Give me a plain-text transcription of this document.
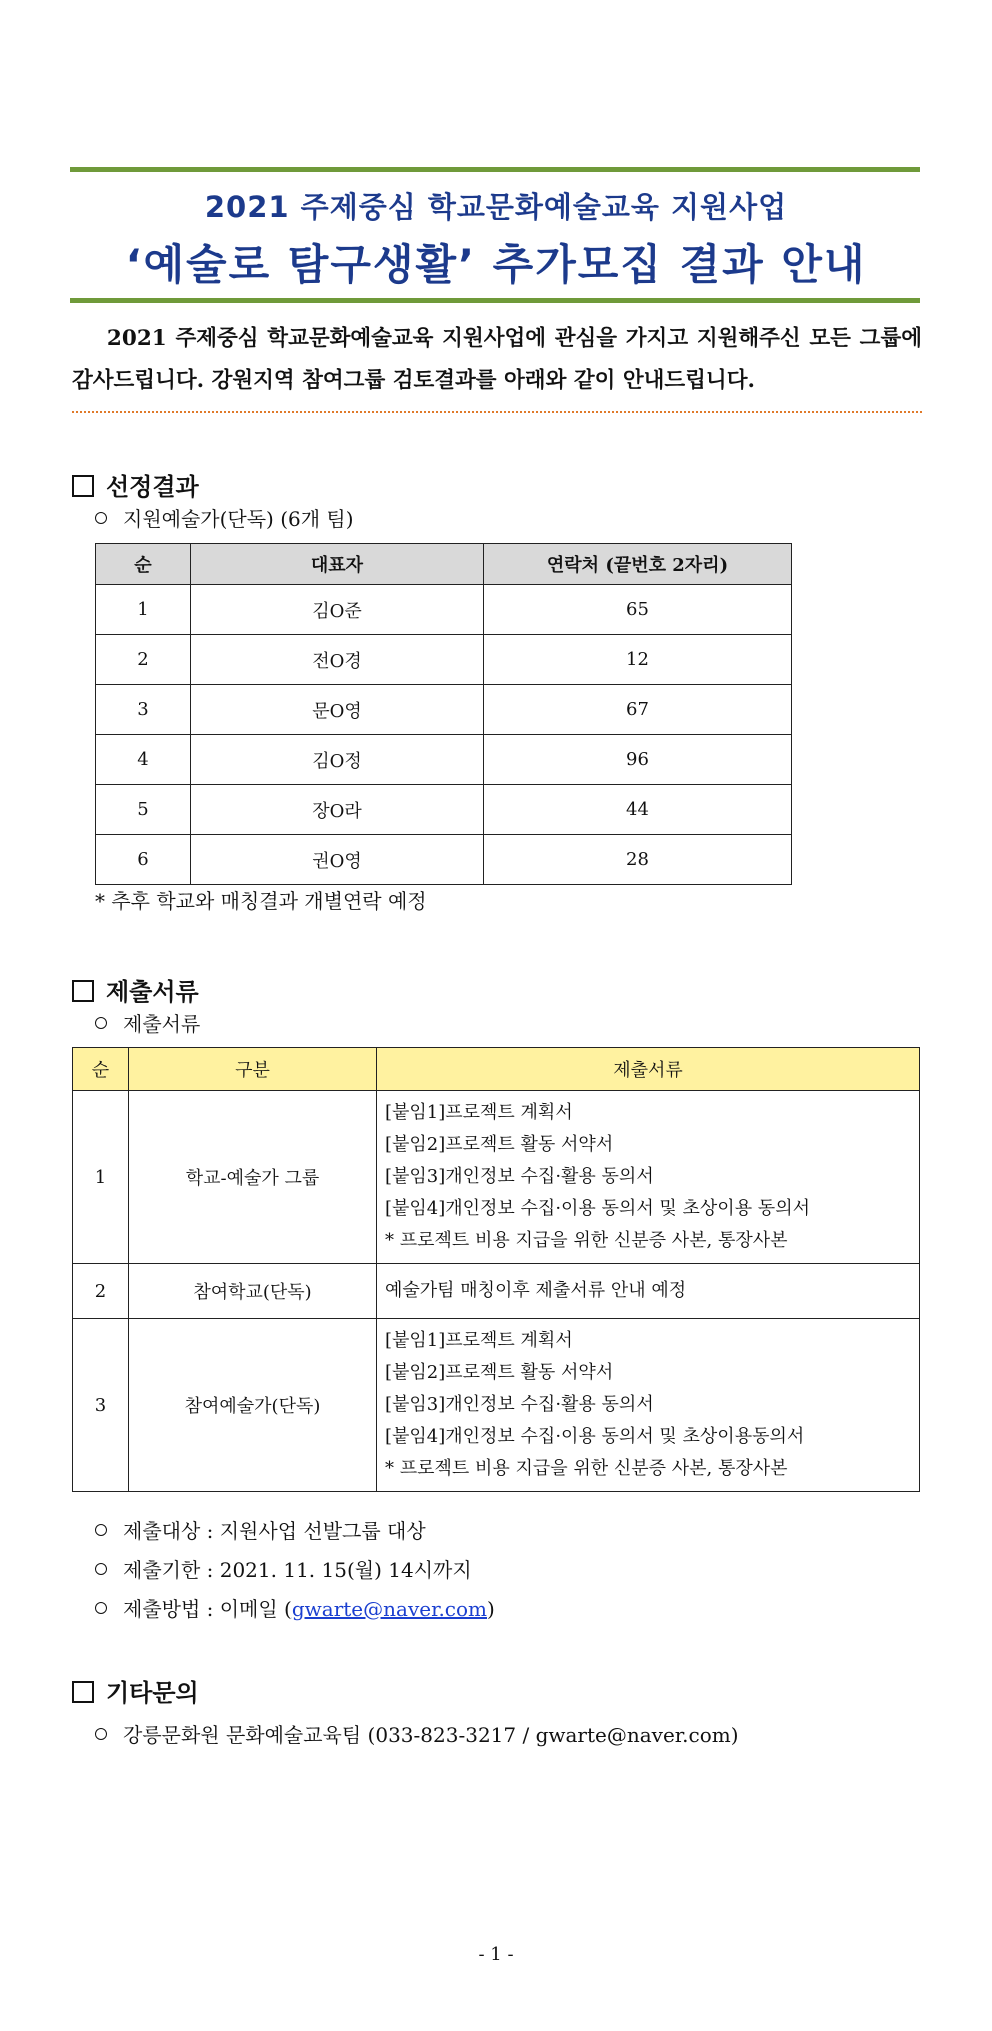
2021 주제중심 학교문화예술교육 지원사업
‘예술로 탐구생활’ 추가모집 결과 안내
2021 주제중심 학교문화예술교육 지원사업에 관심을 가지고 지원해주신 모든 그룹에 감사드립니다. 강원지역 참여그룹 검토결과를 아래와 같이 안내드립니다.
선정결과
지원예술가(단독) (6개 팀)
순	대표자	연락처 (끝번호 2자리)
1	김O준	65
2	전O경	12
3	문O영	67
4	김O정	96
5	장O라	44
6	권O영	28
* 추후 학교와 매칭결과 개별연락 예정
제출서류
제출서류
순	구분	제출서류
1	학교-예술가 그룹	[붙임1]프로젝트 계획서
[붙임2]프로젝트 활동 서약서
[붙임3]개인정보 수집·활용 동의서
[붙임4]개인정보 수집·이용 동의서 및 초상이용 동의서
* 프로젝트 비용 지급을 위한 신분증 사본, 통장사본

2	참여학교(단독)	예술가팀 매칭이후 제출서류 안내 예정

3	참여예술가(단독)	[붙임1]프로젝트 계획서
[붙임2]프로젝트 활동 서약서
[붙임3]개인정보 수집·활용 동의서
[붙임4]개인정보 수집·이용 동의서 및 초상이용동의서
* 프로젝트 비용 지급을 위한 신분증 사본, 통장사본
제출대상 : 지원사업 선발그룹 대상
제출기한 : 2021. 11. 15(월) 14시까지
제출방법 : 이메일 (gwarte@naver.com)
기타문의
강릉문화원 문화예술교육팀 (033-823-3217 / gwarte@naver.com)
- 1 -
